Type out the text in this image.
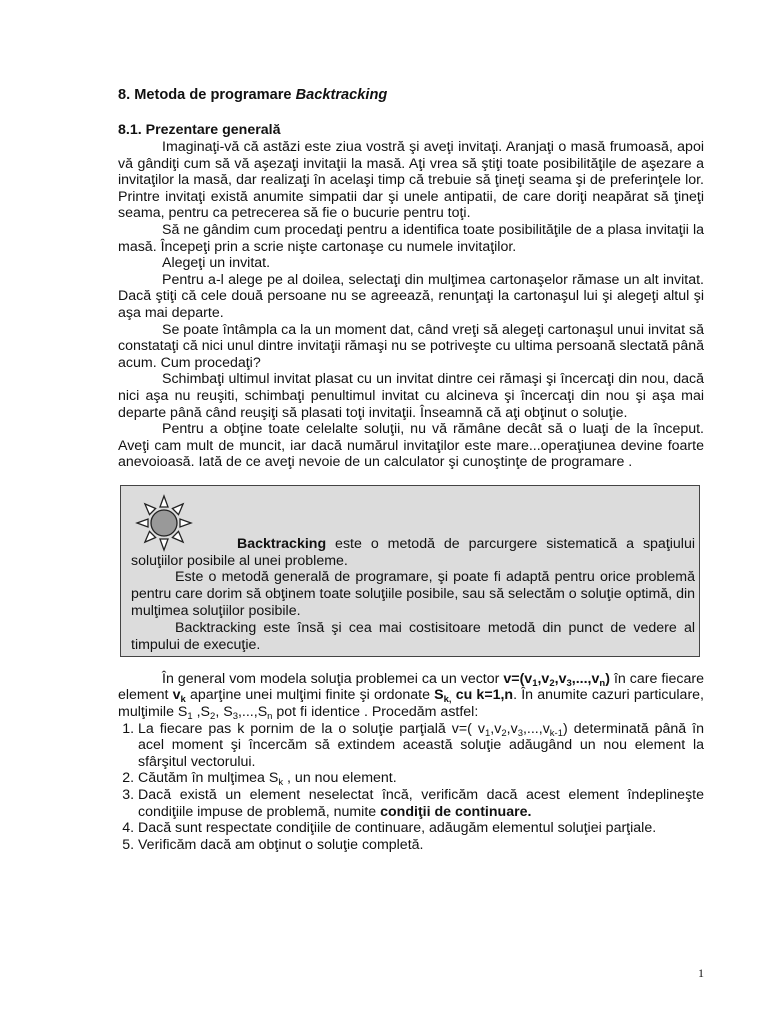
8. Metoda de programare Backtracking
8.1. Prezentare generală

Imaginaţi-vă că astăzi este ziua vostră şi aveţi invitaţi. Aranjaţi o masă frumoasă, apoi vă gândiţi cum să vă aşezaţi invitaţii la masă. Aţi vrea să ştiţi toate posibilităţile de aşezare a invitaţilor la masă, dar realizaţi în acelaşi timp că trebuie să ţineţi seama şi de preferinţele lor. Printre invitaţi există anumite simpatii dar şi unele antipatii, de care doriţi neapărat să ţineţi seama, pentru ca petrecerea să fie o bucurie pentru toţi.

Să ne gândim cum procedaţi pentru a identifica toate posibilităţile de a plasa invitaţii la masă. Începeţi prin a scrie nişte cartonaşe cu numele invitaţilor.

Alegeţi un invitat.

Pentru a-l alege pe al doilea, selectaţi din mulţimea cartonaşelor rămase un alt invitat. Dacă ştiţi că cele două persoane nu se agreează, renunţaţi la cartonaşul lui şi alegeţi altul şi aşa mai departe.

Se poate întâmpla ca la un moment dat, când vreţi să alegeţi cartonaşul unui invitat să constataţi că nici unul dintre invitaţii rămaşi nu se potriveşte cu ultima persoană slectată până acum. Cum procedaţi?

Schimbaţi ultimul invitat plasat cu un invitat dintre cei rămaşi şi încercaţi din nou, dacă nici aşa nu reuşiti, schimbaţi penultimul invitat cu alcineva şi încercaţi din nou şi aşa mai departe până când reuşiţi să plasati toţi invitaţii. Înseamnă că aţi obţinut o soluţie.

Pentru a obţine toate celelalte soluţii, nu vă rămâne decât să o luaţi de la început. Aveţi cam mult de muncit, iar dacă numărul invitaţilor este mare...operaţiunea devine foarte anevoioasă. Iată de ce aveţi nevoie de un calculator şi cunoştinţe de programare .

Backtracking este o metodă de parcurgere sistematică a spaţiului soluţiilor posibile al unei probleme.

Este o metodă generală de programare, şi poate fi adaptă pentru orice problemă pentru care dorim să obţinem toate soluţiile posibile, sau să selectăm o soluţie optimă, din mulţimea soluţiilor posibile.

Backtracking este însă şi cea mai costisitoare metodă din punct de vedere al timpului de execuţie.

În general vom modela soluţia problemei ca un vector $v=(v_1,v_2,v_3,...,v_n)$ în care fiecare element $v_k$ aparţine unei mulţimi finite şi ordonate $S_{k,}$ cu k=1,n. În anumite cazuri particulare, mulţimile $S_1$ $,S_2$, $S_3,...,S_n$ pot fi identice . Procedăm astfel:

1. La fiecare pas k pornim de la o soluţie parţială v=( $v_1,v_2,v_3,...,v_{k-1}$) determinată până în acel moment şi încercăm să extindem această soluţie adăugând un nou element la sfârşitul vectorului.
2. Căutăm în mulţimea $S_k$ , un nou element.
3. Dacă există un element neselectat încă, verificăm dacă acest element îndeplineşte condiţiile impuse de problemă, numite condiţii de continuare.
4. Dacă sunt respectate condiţiile de continuare, adăugăm elementul soluţiei parţiale.
5. Verificăm dacă am obţinut o soluţie completă.
1
